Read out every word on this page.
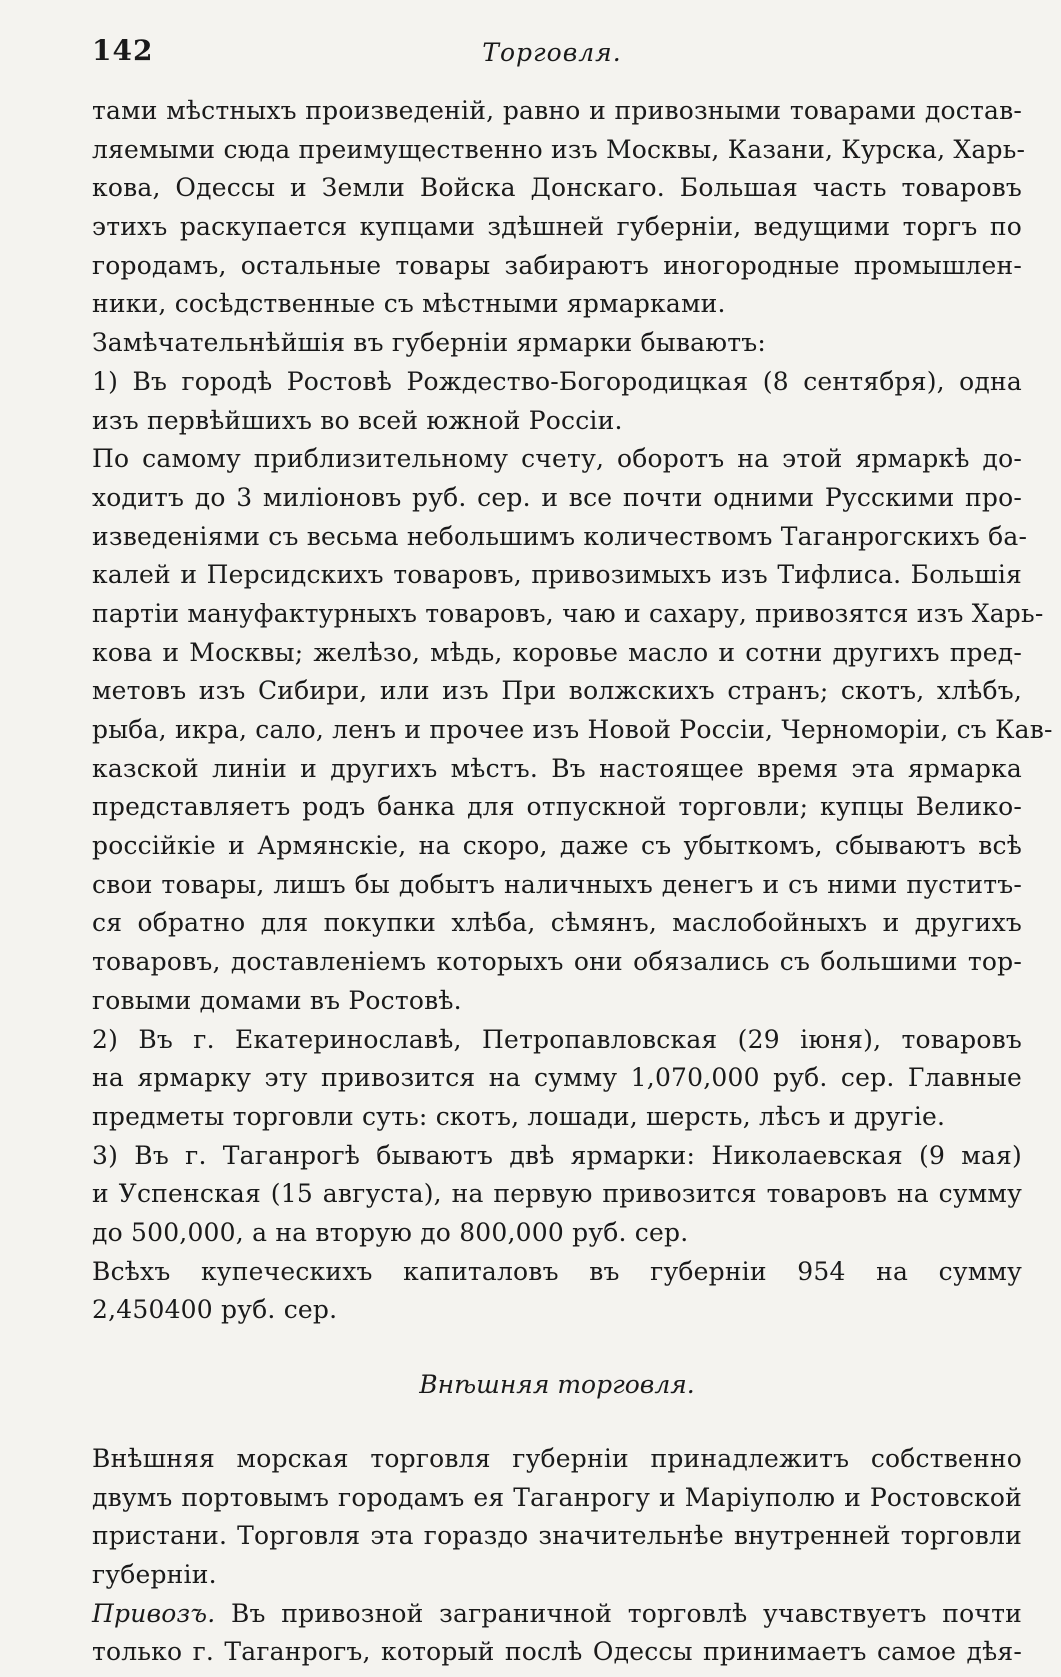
142	Торговля.
тами мѣстныхъ произведенiй, равно и привозными товарами достав-
ляемыми сюда преимущественно изъ Москвы, Казани, Курска, Харь-
кова, Одессы и Земли Войска Донскаго. Большая часть товаровъ
этихъ раскупается купцами здѣшней губернiи, ведущими торгъ по
городамъ, остальные товары забираютъ иногородные промышлен-
ники, сосѣдственные съ мѣстными ярмарками.
Замѣчательнѣйшiя въ губернiи ярмарки бываютъ:
1) Въ городѣ Ростовѣ Рождество-Богородицкая (8 сентября), одна
изъ первѣйшихъ во всей южной Россiи.
По самому приблизительному счету, оборотъ на этой ярмаркѣ до-
ходитъ до 3 милiоновъ руб. сер. и все почти одними Русскими про-
изведенiями съ весьма небольшимъ количествомъ Таганрогскихъ ба-
калей и Персидскихъ товаровъ, привозимыхъ изъ Тифлиса. Большiя
партiи мануфактурныхъ товаровъ, чаю и сахару, привозятся изъ Харь-
кова и Москвы; желѣзо, мѣдь, коровье масло и сотни другихъ пред-
метовъ изъ Сибири, или изъ При волжскихъ странъ; скотъ, хлѣбъ,
рыба, икра, сало, ленъ и прочее изъ Новой Россiи, Черноморiи, съ Кав-
казской линiи и другихъ мѣстъ. Въ настоящее время эта ярмарка
представляетъ родъ банка для отпускной торговли; купцы Велико-
россiйкiе и Армянскiе, на скоро, даже съ убыткомъ, сбываютъ всѣ
свои товары, лишъ бы добытъ наличныхъ денегъ и съ ними пуститъ-
ся обратно для покупки хлѣба, сѣмянъ, маслобойныхъ и другихъ
товаровъ, доставленiемъ которыхъ они обязались съ большими тор-
говыми домами въ Ростовѣ.
2) Въ г. Екатеринославѣ, Петропавловская (29 iюня), товаровъ
на ярмарку эту привозится на сумму 1,070,000 руб. сер. Главные
предметы торговли суть: скотъ, лошади, шерсть, лѣсъ и другiе.
3) Въ г. Таганрогѣ бываютъ двѣ ярмарки: Николаевская (9 мая)
и Успенская (15 августа), на первую привозится товаровъ на сумму
до 500,000, а на вторую до 800,000 руб. сер.
Всѣхъ купеческихъ капиталовъ въ губернiи 954 на сумму
2,450400 руб. сер.
Внѣшняя торговля.
Внѣшняя морская торговля губернiи принадлежитъ собственно
двумъ портовымъ городамъ ея Таганрогу и Марiуполю и Ростовской
пристани. Торговля эта гораздо значительнѣе внутренней торговли
губернiи.
Привозъ. Въ привозной заграничной торговлѣ учавствуетъ почти
только г. Таганрогъ, который послѣ Одессы принимаетъ самое дѣя-
